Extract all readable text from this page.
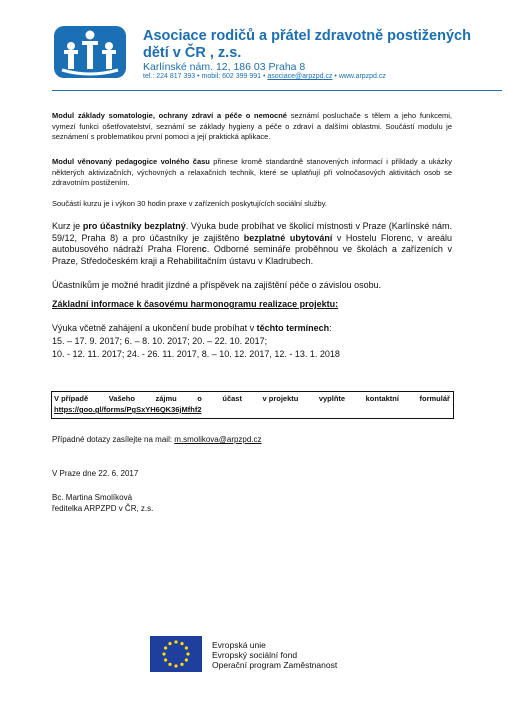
Asociace rodičů a přátel zdravotně postižených dětí v ČR , z.s.
Karlínské nám. 12, 186 03 Praha 8
tel.: 224 817 393 • mobil: 602 399 991 • asociace@arpzpd.cz • www.arpzpd.cz
Modul základy somatologie, ochrany zdraví a péče o nemocné seznámí posluchače s tělem a jeho funkcemi, vymezí funkci ošetřovatelství, seznámí se základy hygieny a péče o zdraví a dalšími oblastmi. Součástí modulu je seznámení s problematikou první pomoci a její praktická aplikace.
Modul věnovaný pedagogice volného času přinese kromě standardně stanovených informací i příklady a ukázky některých aktivizačních, výchovných a relaxačních technik, které se uplatňují při volnočasových aktivitách osob se zdravotním postižením.
Součástí kurzu je i výkon 30 hodin praxe v zařízeních poskytujících sociální služby.
Kurz je pro účastníky bezplatný. Výuka bude probíhat ve školicí místnosti v Praze (Karlínské nám. 59/12, Praha 8) a pro účastníky je zajištěno bezplatné ubytování v Hostelu Florenc, v areálu autobusového nádraží Praha Florenc. Odborné semináře proběhnou ve školách a zařízeních v Praze, Středočeském kraji a Rehabilitačním ústavu v Kladrubech.
Účastníkům je možné hradit jízdné a příspěvek na zajištění péče o závislou osobu.
Základní informace k časovému harmonogramu realizace projektu:
Výuka včetně zahájení a ukončení bude probíhat v těchto termínech:
15. – 17. 9. 2017; 6. – 8. 10. 2017; 20. – 22. 10. 2017;
10. - 12. 11. 2017; 24. - 26. 11. 2017, 8. – 10. 12. 2017, 12. - 13. 1. 2018
V případě	Vašeho	zájmu	o	účast	v projektu	vyplňte	kontaktní	formulář
https://goo.gl/forms/PgSxYH6QK36jMfhf2
Případné dotazy zasílejte na mail: m.smolikova@arpzpd.cz
V Praze dne 22. 6. 2017
Bc. Martina Smolíková
ředitelka ARPZPD v ČR, z.s.
Evropská unie
Evropský sociální fond
Operační program Zaměstnanost
